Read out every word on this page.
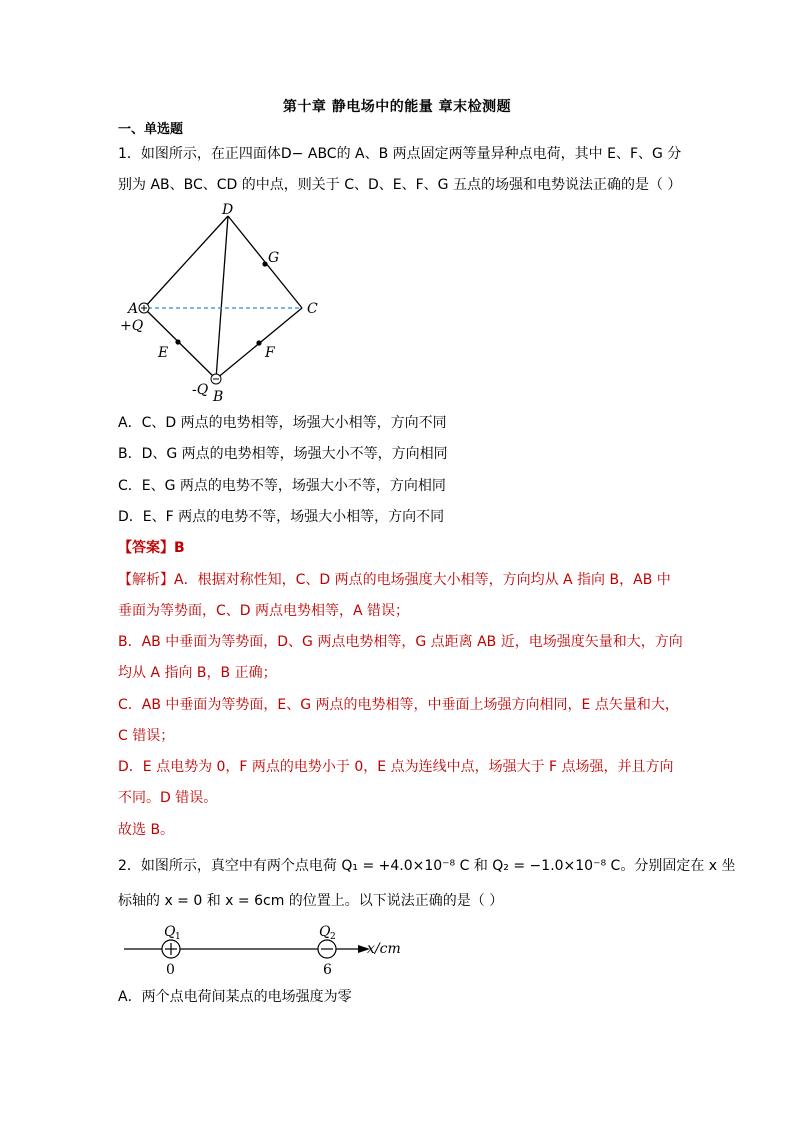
第十章 静电场中的能量 章末检测题
一、单选题
1．如图所示，在正四面体D− ABC的 A、B 两点固定两等量异种点电荷，其中 E、F、G 分
别为 AB、BC、CD 的中点，则关于 C、D、E、F、G 五点的场强和电势说法正确的是（ ）
D
G
A	C
+Q
E	F
-Q B
A．C、D 两点的电势相等，场强大小相等，方向不同
B．D、G 两点的电势相等，场强大小不等，方向相同
C．E、G 两点的电势不等，场强大小不等，方向相同
D．E、F 两点的电势不等，场强大小相等，方向不同
【答案】B
【解析】A．根据对称性知，C、D 两点的电场强度大小相等，方向均从 A 指向 B，AB 中
垂面为等势面，C、D 两点电势相等，A 错误；
B．AB 中垂面为等势面，D、G 两点电势相等，G 点距离 AB 近，电场强度矢量和大，方向
均从 A 指向 B，B 正确；
C．AB 中垂面为等势面，E、G 两点的电势相等，中垂面上场强方向相同，E 点矢量和大，
C 错误；
D．E 点电势为 0，F 两点的电势小于 0，E 点为连线中点，场强大于 F 点场强，并且方向
不同。D 错误。
故选 B。
2．如图所示，真空中有两个点电荷 Q₁ = +4.0×10⁻⁸ C 和 Q₂ = −1.0×10⁻⁸ C。分别固定在 x 坐
标轴的 x = 0 和 x = 6cm 的位置上。以下说法正确的是（ ）
Q 1	Q 2
x/cm
0	6
A．两个点电荷间某点的电场强度为零
